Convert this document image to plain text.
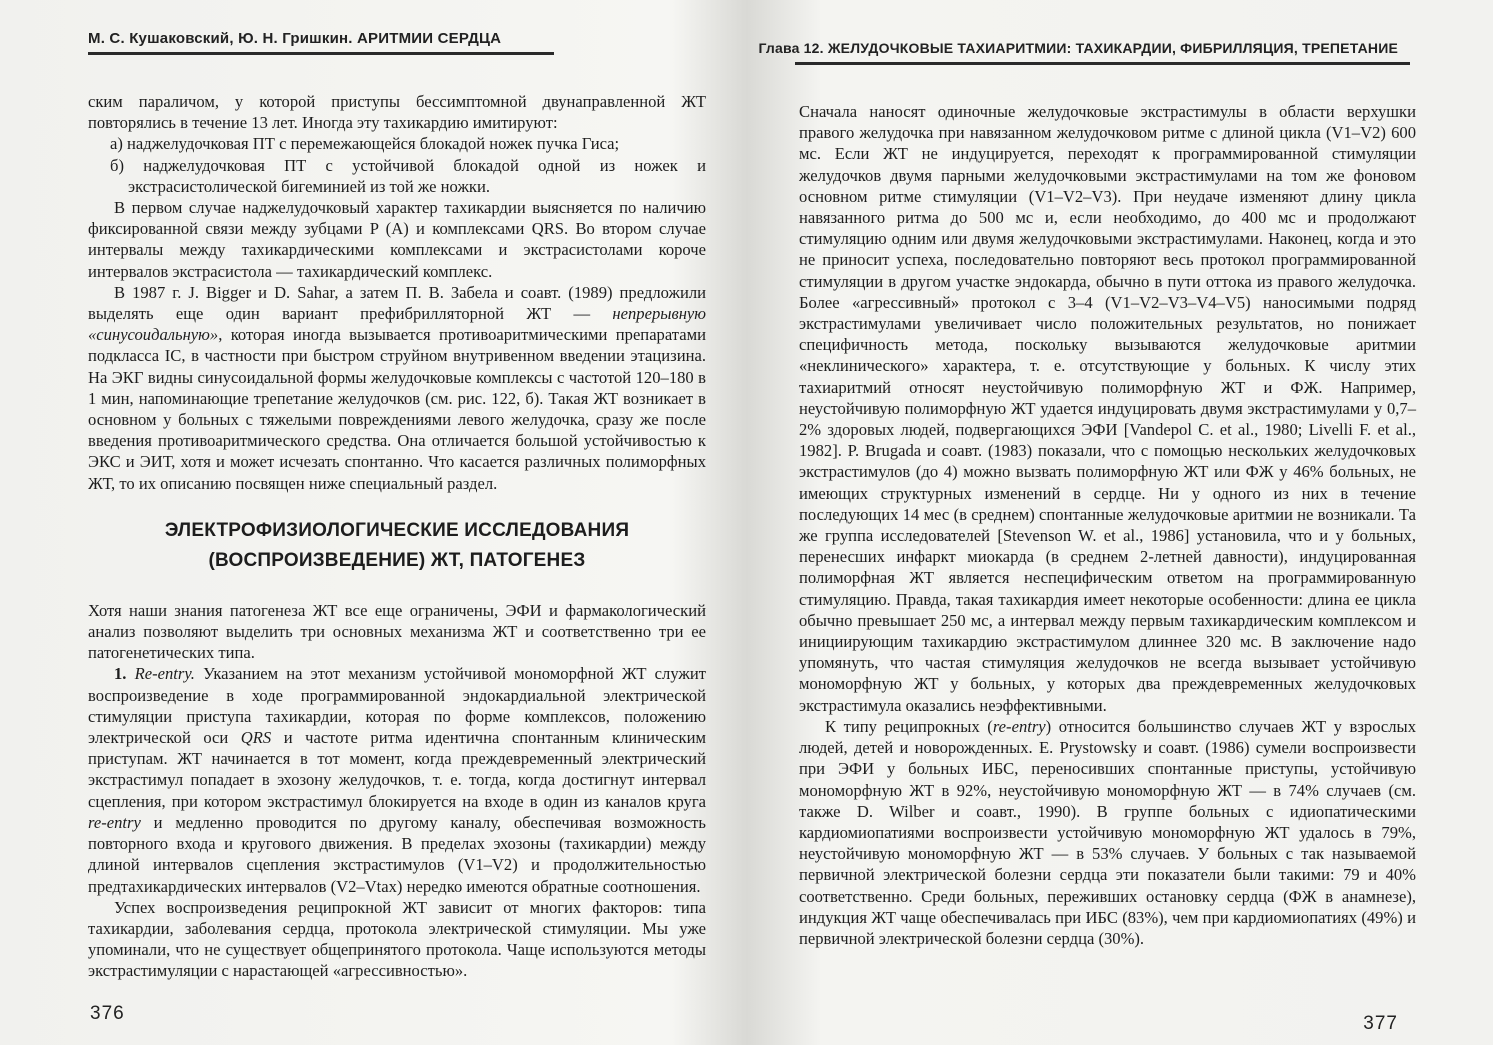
М. С. Кушаковский, Ю. Н. Гришкин. АРИТМИИ СЕРДЦА

ским параличом, у которой приступы бессимптомной двунаправленной ЖТ повторялись в течение 13 лет. Иногда эту тахикардию имитируют:

а) наджелудочковая ПТ с перемежающейся блокадой ножек пучка Гиса;

б) наджелудочковая ПТ с устойчивой блокадой одной из ножек и экстрасистолической бигеминией из той же ножки.

В первом случае наджелудочковый характер тахикардии выясняется по наличию фиксированной связи между зубцами P (A) и комплексами QRS. Во втором случае интервалы между тахикардическими комплексами и экстрасистолами короче интервалов экстрасистола — тахикардический комплекс.

В 1987 г. J. Bigger и D. Sahar, а затем П. В. Забела и соавт. (1989) предложили выделять еще один вариант префибрилляторной ЖТ — непрерывную «синусоидальную», которая иногда вызывается противоаритмическими препаратами подкласса IC, в частности при быстром струйном внутривенном введении этацизина. На ЭКГ видны синусоидальной формы желудочковые комплексы с частотой 120–180 в 1 мин, напоминающие трепетание желудочков (см. рис. 122, б). Такая ЖТ возникает в основном у больных с тяжелыми повреждениями левого желудочка, сразу же после введения противоаритмического средства. Она отличается большой устойчивостью к ЭКС и ЭИТ, хотя и может исчезать спонтанно. Что касается различных полиморфных ЖТ, то их описанию посвящен ниже специальный раздел.

ЭЛЕКТРОФИЗИОЛОГИЧЕСКИЕ ИССЛЕДОВАНИЯ
(ВОСПРОИЗВЕДЕНИЕ) ЖТ, ПАТОГЕНЕЗ

Хотя наши знания патогенеза ЖТ все еще ограничены, ЭФИ и фармакологический анализ позволяют выделить три основных механизма ЖТ и соответственно три ее патогенетических типа.

1. Re-entry. Указанием на этот механизм устойчивой мономорфной ЖТ служит воспроизведение в ходе программированной эндокардиальной электрической стимуляции приступа тахикардии, которая по форме комплексов, положению электрической оси QRS и частоте ритма идентична спонтанным клиническим приступам. ЖТ начинается в тот момент, когда преждевременный электрический экстрастимул попадает в эхозону желудочков, т. е. тогда, когда достигнут интервал сцепления, при котором экстрастимул блокируется на входе в один из каналов круга re-entry и медленно проводится по другому каналу, обеспечивая возможность повторного входа и кругового движения. В пределах эхозоны (тахикардии) между длиной интервалов сцепления экстрастимулов (V1–V2) и продолжительностью предтахикардических интервалов (V2–Vtax) нередко имеются обратные соотношения.

Успех воспроизведения реципрокной ЖТ зависит от многих факторов: типа тахикардии, заболевания сердца, протокола электрической стимуляции. Мы уже упоминали, что не существует общепринятого протокола. Чаще используются методы экстрастимуляции с нарастающей «агрессивностью».

376
Глава 12. ЖЕЛУДОЧКОВЫЕ ТАХИАРИТМИИ: ТАХИКАРДИИ, ФИБРИЛЛЯЦИЯ, ТРЕПЕТАНИЕ

Сначала наносят одиночные желудочковые экстрастимулы в области верхушки правого желудочка при навязанном желудочковом ритме с длиной цикла (V1–V2) 600 мс. Если ЖТ не индуцируется, переходят к программированной стимуляции желудочков двумя парными желудочковыми экстрастимулами на том же фоновом основном ритме стимуляции (V1–V2–V3). При неудаче изменяют длину цикла навязанного ритма до 500 мс и, если необходимо, до 400 мс и продолжают стимуляцию одним или двумя желудочковыми экстрастимулами. Наконец, когда и это не приносит успеха, последовательно повторяют весь протокол программированной стимуляции в другом участке эндокарда, обычно в пути оттока из правого желудочка. Более «агрессивный» протокол с 3–4 (V1–V2–V3–V4–V5) наносимыми подряд экстрастимулами увеличивает число положительных результатов, но понижает специфичность метода, поскольку вызываются желудочковые аритмии «неклинического» характера, т. е. отсутствующие у больных. К числу этих тахиаритмий относят неустойчивую полиморфную ЖТ и ФЖ. Например, неустойчивую полиморфную ЖТ удается индуцировать двумя экстрастимулами у 0,7–2% здоровых людей, подвергающихся ЭФИ [Vandepol C. et al., 1980; Livelli F. et al., 1982]. P. Brugada и соавт. (1983) показали, что с помощью нескольких желудочковых экстрастимулов (до 4) можно вызвать полиморфную ЖТ или ФЖ у 46% больных, не имеющих структурных изменений в сердце. Ни у одного из них в течение последующих 14 мес (в среднем) спонтанные желудочковые аритмии не возникали. Та же группа исследователей [Stevenson W. et al., 1986] установила, что и у больных, перенесших инфаркт миокарда (в среднем 2-летней давности), индуцированная полиморфная ЖТ является неспецифическим ответом на программированную стимуляцию. Правда, такая тахикардия имеет некоторые особенности: длина ее цикла обычно превышает 250 мс, а интервал между первым тахикардическим комплексом и инициирующим тахикардию экстрастимулом длиннее 320 мс. В заключение надо упомянуть, что частая стимуляция желудочков не всегда вызывает устойчивую мономорфную ЖТ у больных, у которых два преждевременных желудочковых экстрастимула оказались неэффективными.

К типу реципрокных (re-entry) относится большинство случаев ЖТ у взрослых людей, детей и новорожденных. E. Prystowsky и соавт. (1986) сумели воспроизвести при ЭФИ у больных ИБС, переносивших спонтанные приступы, устойчивую мономорфную ЖТ в 92%, неустойчивую мономорфную ЖТ — в 74% случаев (см. также D. Wilber и соавт., 1990). В группе больных с идиопатическими кардиомиопатиями воспроизвести устойчивую мономорфную ЖТ удалось в 79%, неустойчивую мономорфную ЖТ — в 53% случаев. У больных с так называемой первичной электрической болезни сердца эти показатели были такими: 79 и 40% соответственно. Среди больных, переживших остановку сердца (ФЖ в анамнезе), индукция ЖТ чаще обеспечивалась при ИБС (83%), чем при кардиомиопатиях (49%) и первичной электрической болезни сердца (30%).

377
